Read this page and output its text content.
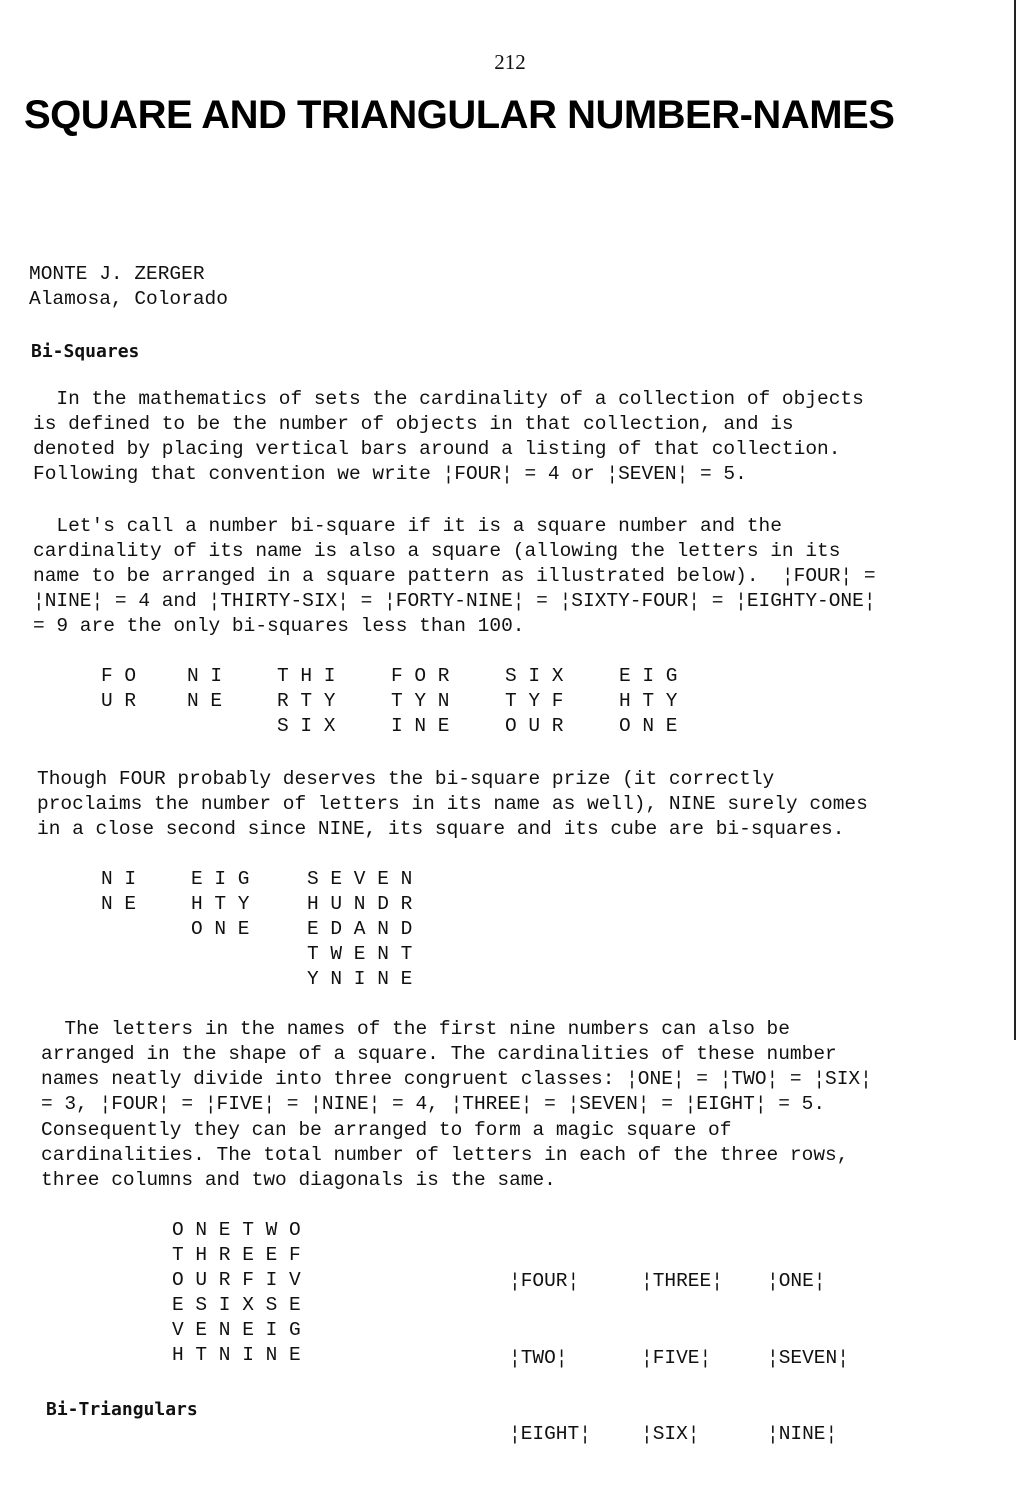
212
SQUARE AND TRIANGULAR NUMBER-NAMES
MONTE J. ZERGER
Alamosa, Colorado
Bi-Squares
In the mathematics of sets the cardinality of a collection of objects
is defined to be the number of objects in that collection, and is
denoted by placing vertical bars around a listing of that collection.
Following that convention we write ¦FOUR¦ = 4 or ¦SEVEN¦ = 5.
Let's call a number bi-square if it is a square number and the
cardinality of its name is also a square (allowing the letters in its
name to be arranged in a square pattern as illustrated below).  ¦FOUR¦ =
¦NINE¦ = 4 and ¦THIRTY-SIX¦ = ¦FORTY-NINE¦ = ¦SIXTY-FOUR¦ = ¦EIGHTY-ONE¦
= 9 are the only bi-squares less than 100.
F O
U R
N I
N E
T H I
R T Y
S I X
F O R
T Y N
I N E
S I X
T Y F
O U R
E I G
H T Y
O N E
Though FOUR probably deserves the bi-square prize (it correctly
proclaims the number of letters in its name as well), NINE surely comes
in a close second since NINE, its square and its cube are bi-squares.
N I
N E
E I G
H T Y
O N E
S E V E N
H U N D R
E D A N D
T W E N T
Y N I N E
The letters in the names of the first nine numbers can also be
arranged in the shape of a square. The cardinalities of these number
names neatly divide into three congruent classes: ¦ONE¦ = ¦TWO¦ = ¦SIX¦
= 3, ¦FOUR¦ = ¦FIVE¦ = ¦NINE¦ = 4, ¦THREE¦ = ¦SEVEN¦ = ¦EIGHT¦ = 5.
Consequently they can be arranged to form a magic square of
cardinalities. The total number of letters in each of the three rows,
three columns and two diagonals is the same.
O N E T W O
T H R E E F
O U R F I V
E S I X S E
V E N E I G
H T N I N E

¦FOUR¦

¦TWO¦

¦EIGHT¦

¦THREE¦

¦FIVE¦

¦SIX¦

¦ONE¦

¦SEVEN¦

¦NINE¦

Bi-Triangulars
